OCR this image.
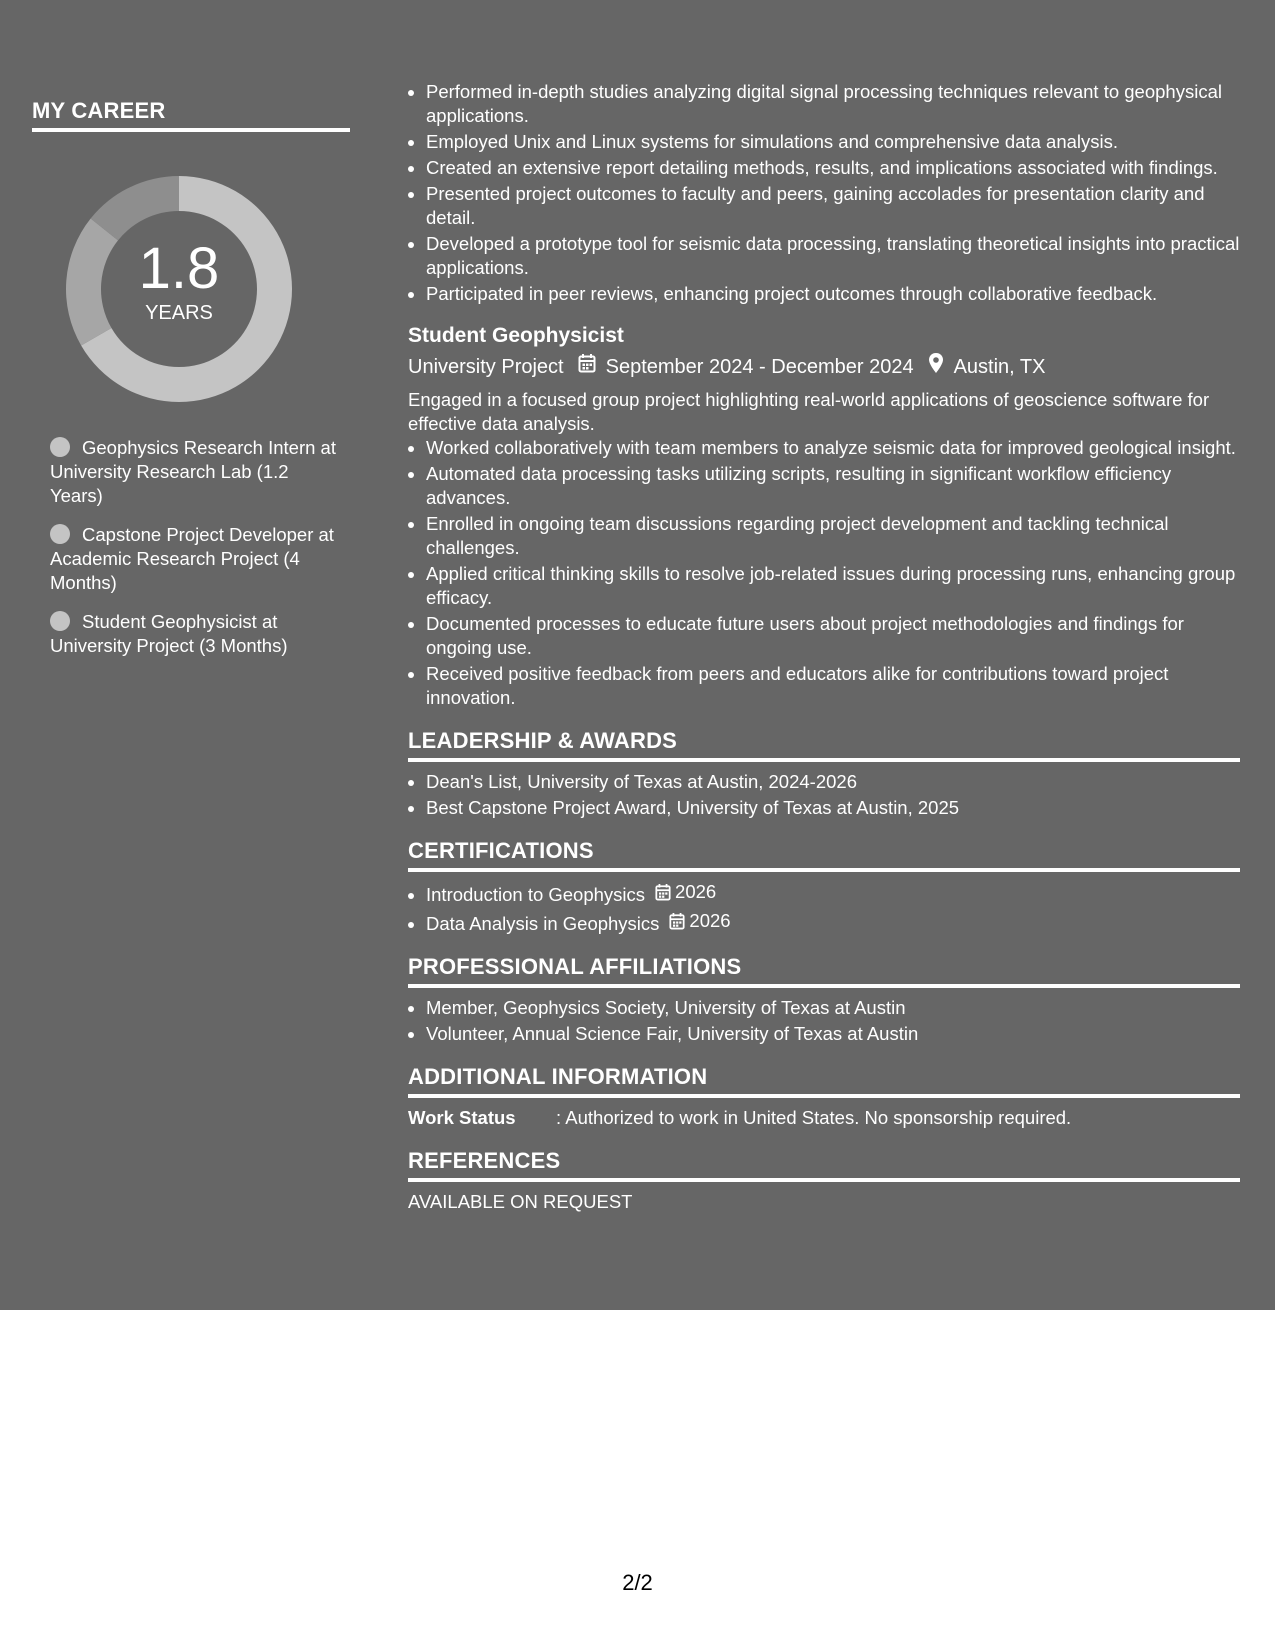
MY CAREER
1.8
YEARS
Geophysics Research Intern at University Research Lab (1.2 Years)
Capstone Project Developer at Academic Research Project (4 Months)
Student Geophysicist at University Project (3 Months)
• Performed in-depth studies analyzing digital signal processing techniques relevant to geophysical applications.
• Employed Unix and Linux systems for simulations and comprehensive data analysis.
• Created an extensive report detailing methods, results, and implications associated with findings.
• Presented project outcomes to faculty and peers, gaining accolades for presentation clarity and detail.
• Developed a prototype tool for seismic data processing, translating theoretical insights into practical applications.
• Participated in peer reviews, enhancing project outcomes through collaborative feedback.
Student Geophysicist
University Project September 2024 - December 2024 Austin, TX
Engaged in a focused group project highlighting real-world applications of geoscience software for effective data analysis.
• Worked collaboratively with team members to analyze seismic data for improved geological insight.
• Automated data processing tasks utilizing scripts, resulting in significant workflow efficiency advances.
• Enrolled in ongoing team discussions regarding project development and tackling technical challenges.
• Applied critical thinking skills to resolve job-related issues during processing runs, enhancing group efficacy.
• Documented processes to educate future users about project methodologies and findings for ongoing use.
• Received positive feedback from peers and educators alike for contributions toward project innovation.
LEADERSHIP & AWARDS
• Dean's List, University of Texas at Austin, 2024-2026
• Best Capstone Project Award, University of Texas at Austin, 2025
CERTIFICATIONS
• Introduction to Geophysics 2026
• Data Analysis in Geophysics 2026
PROFESSIONAL AFFILIATIONS
• Member, Geophysics Society, University of Texas at Austin
• Volunteer, Annual Science Fair, University of Texas at Austin
ADDITIONAL INFORMATION
Work Status	: Authorized to work in United States. No sponsorship required.
REFERENCES
AVAILABLE ON REQUEST
2/2
